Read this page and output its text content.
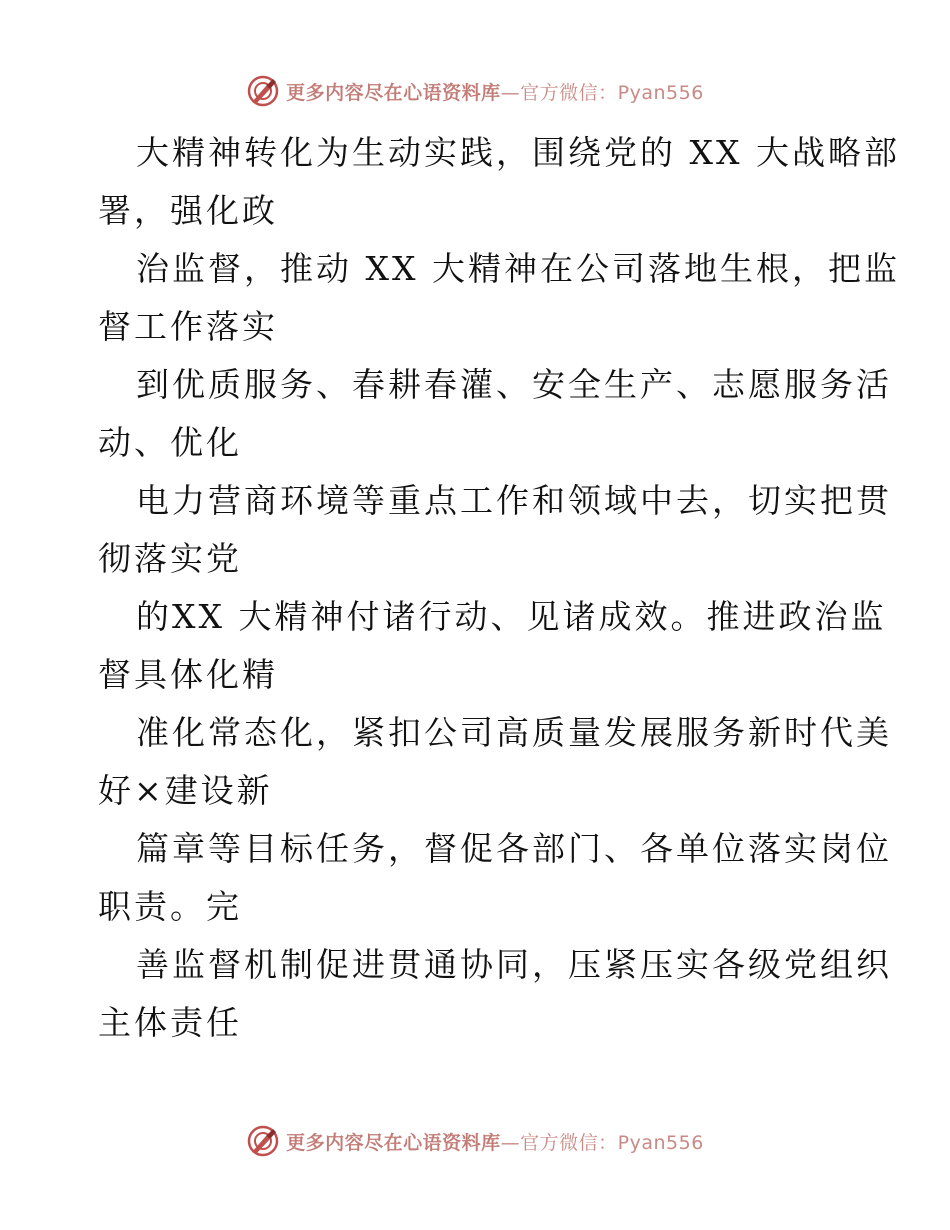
更多内容尽在心语资料库—官方微信：Pyan556
大精神转化为生动实践，围绕党的 XX 大战略部
署，强化政
治监督，推动 XX 大精神在公司落地生根，把监
督工作落实
到优质服务、春耕春灌、安全生产、志愿服务活
动、优化
电力营商环境等重点工作和领域中去，切实把贯
彻落实党
的XX 大精神付诸行动、见诸成效。推进政治监
督具体化精
准化常态化，紧扣公司高质量发展服务新时代美
好×建设新
篇章等目标任务，督促各部门、各单位落实岗位
职责。完
善监督机制促进贯通协同，压紧压实各级党组织
主体责任
更多内容尽在心语资料库—官方微信：Pyan556
